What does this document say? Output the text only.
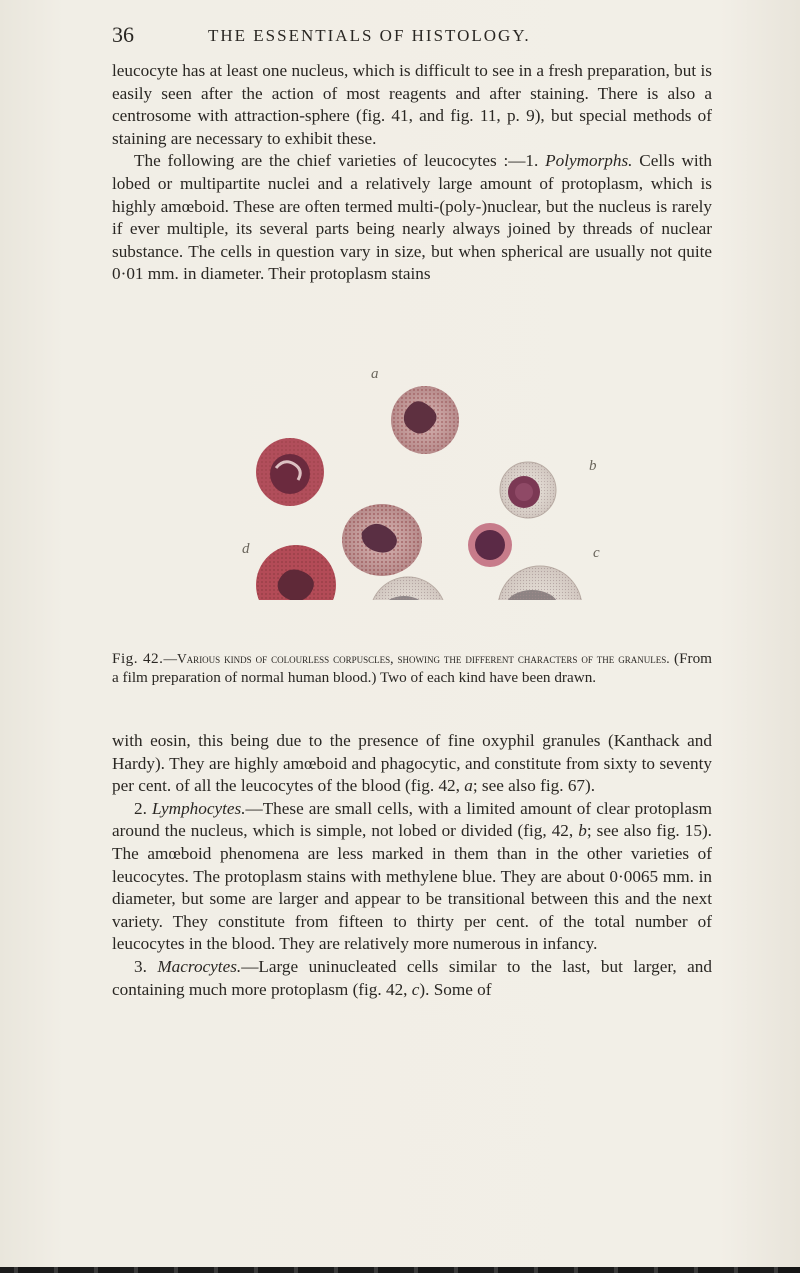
36	THE ESSENTIALS OF HISTOLOGY.

leucocyte has at least one nucleus, which is difficult to see in a fresh preparation, but is easily seen after the action of most reagents and after staining. There is also a centrosome with attraction-sphere (fig. 41, and fig. 11, p. 9), but special methods of staining are necessary to exhibit these.

The following are the chief varieties of leucocytes :—1. Polymorphs. Cells with lobed or multipartite nuclei and a relatively large amount of protoplasm, which is highly amœboid. These are often termed multi-(poly-)nuclear, but the nucleus is rarely if ever multiple, its several parts being nearly always joined by threads of nuclear substance. The cells in question vary in size, but when spherical are usually not quite 0·01 mm. in diameter. Their protoplasm stains

a
b
c
d
Fig. 42.—Various kinds of colourless corpuscles, showing the different characters of the granules. (From a film preparation of normal human blood.) Two of each kind have been drawn.

with eosin, this being due to the presence of fine oxyphil granules (Kanthack and Hardy). They are highly amœboid and phagocytic, and constitute from sixty to seventy per cent. of all the leucocytes of the blood (fig. 42, a; see also fig. 67).

2. Lymphocytes.—These are small cells, with a limited amount of clear protoplasm around the nucleus, which is simple, not lobed or divided (fig, 42, b; see also fig. 15). The amœboid phenomena are less marked in them than in the other varieties of leucocytes. The protoplasm stains with methylene blue. They are about 0·0065 mm. in diameter, but some are larger and appear to be transitional between this and the next variety. They constitute from fifteen to thirty per cent. of the total number of leucocytes in the blood. They are relatively more numerous in infancy.

3. Macrocytes.—Large uninucleated cells similar to the last, but larger, and containing much more protoplasm (fig. 42, c). Some of
